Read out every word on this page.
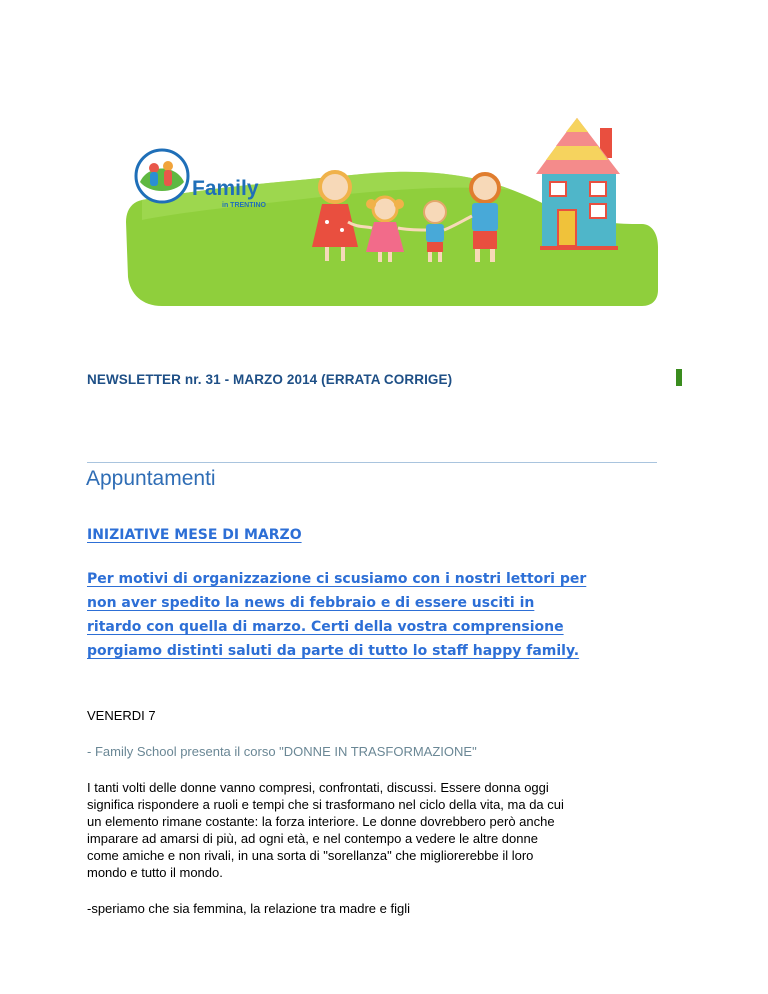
Family
in TRENTINO
NEWSLETTER nr. 31 - MARZO 2014 (ERRATA CORRIGE)
Appuntamenti
INIZIATIVE MESE DI MARZO
Per motivi di organizzazione ci scusiamo con i nostri lettori per
non aver spedito la news di febbraio e di essere usciti in
ritardo con quella di marzo. Certi della vostra comprensione
porgiamo distinti saluti da parte di tutto lo staff happy family.
VENERDI 7
- Family School presenta il corso "DONNE IN TRASFORMAZIONE"
I tanti volti delle donne vanno compresi, confrontati, discussi. Essere donna oggi
significa rispondere a ruoli e tempi che si trasformano nel ciclo della vita, ma da cui
un elemento rimane costante: la forza interiore. Le donne dovrebbero però anche
imparare ad amarsi di più, ad ogni età, e nel contempo a vedere le altre donne
come amiche e non rivali, in una sorta di "sorellanza" che migliorerebbe il loro
mondo e tutto il mondo.
-speriamo che sia femmina, la relazione tra madre e figli
